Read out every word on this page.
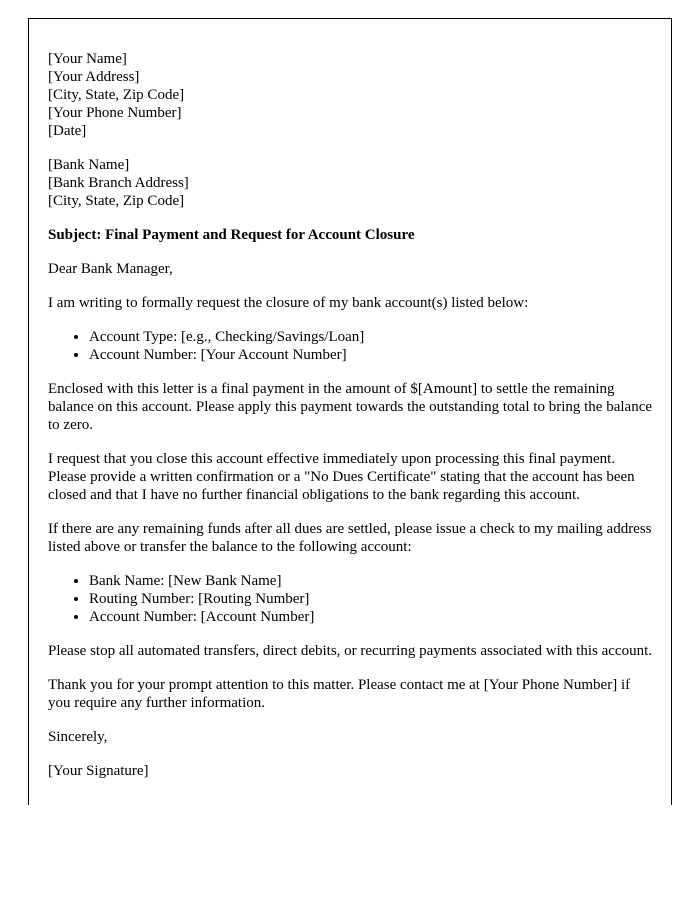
[Your Name]
[Your Address]
[City, State, Zip Code]
[Your Phone Number]
[Date]
[Bank Name]
[Bank Branch Address]
[City, State, Zip Code]

Subject: Final Payment and Request for Account Closure

Dear Bank Manager,

I am writing to formally request the closure of my bank account(s) listed below:

• Account Type: [e.g., Checking/Savings/Loan]
• Account Number: [Your Account Number]

Enclosed with this letter is a final payment in the amount of $[Amount] to settle the remaining balance on this account. Please apply this payment towards the outstanding total to bring the balance to zero.

I request that you close this account effective immediately upon processing this final payment. Please provide a written confirmation or a "No Dues Certificate" stating that the account has been closed and that I have no further financial obligations to the bank regarding this account.

If there are any remaining funds after all dues are settled, please issue a check to my mailing address listed above or transfer the balance to the following account:

• Bank Name: [New Bank Name]
• Routing Number: [Routing Number]
• Account Number: [Account Number]

Please stop all automated transfers, direct debits, or recurring payments associated with this account.

Thank you for your prompt attention to this matter. Please contact me at [Your Phone Number] if you require any further information.

Sincerely,

[Your Signature]
